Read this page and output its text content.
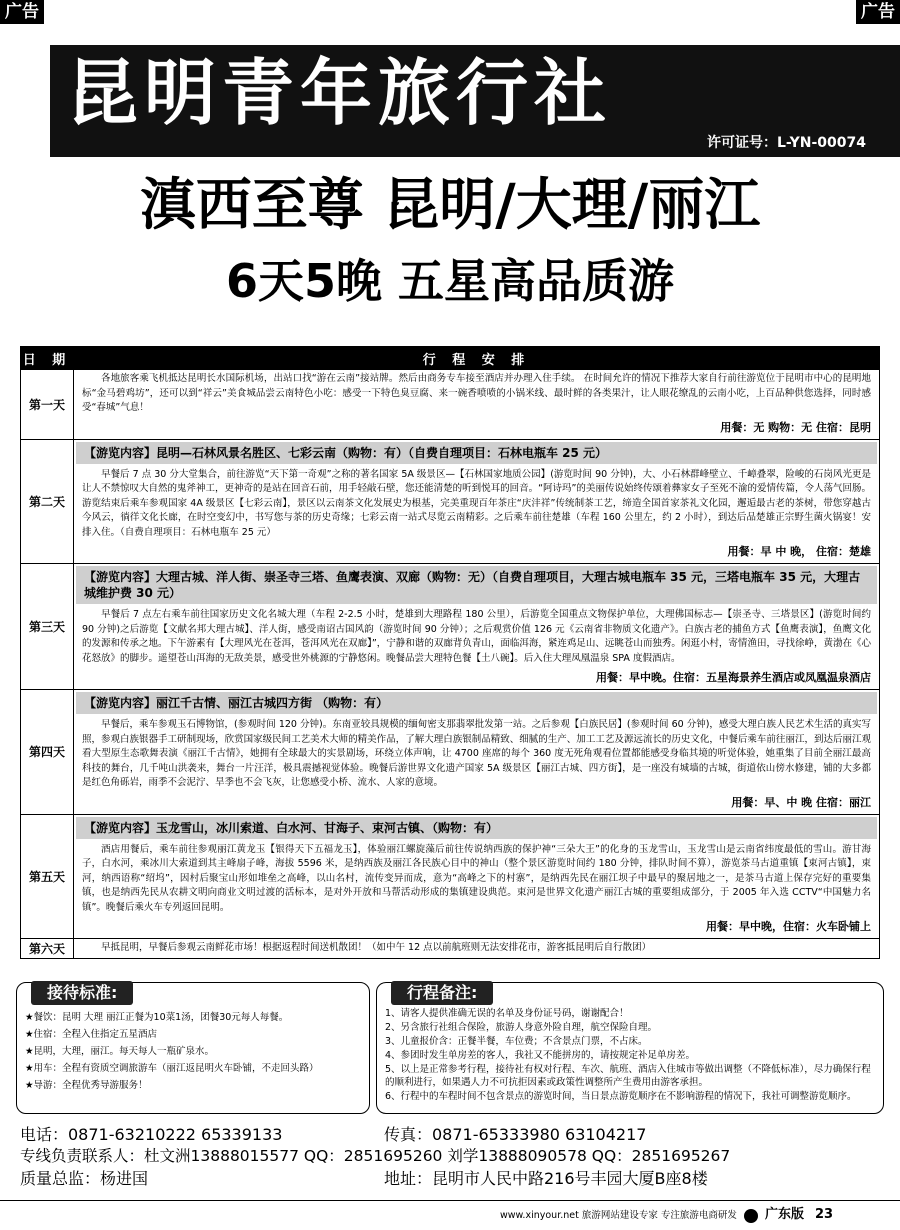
广告	广告
昆明青年旅行社
许可证号：L-YN-00074
滇西至尊 昆明/大理/丽江
6天5晚 五星高品质游
日 期	行 程 安 排
第一天	各地旅客乘飞机抵达昆明长水国际机场，出站口找“游在云南”接站牌。然后由商务专车接至酒店并办理入住手续。 在时间允许的情况下推荐大家自行前往游览位于昆明市中心的昆明地标“金马碧鸡坊”，还可以到“祥云”美食城品尝云南特色小吃：感受一下特色臭豆腐、来一碗香喷喷的小锅米线、最时鲜的各类果汁，让人眼花缭乱的云南小吃，上百品种供您选择，同时感受“春城”气息！
用餐：无 购物：无 住宿：昆明

第二天	【游览内容】昆明—石林风景名胜区、七彩云南（购物：有）（自费自理项目：石林电瓶车 25 元）
早餐后 7 点 30 分大堂集合，前往游览“天下第一奇观”之称的著名国家 5A 级景区—【石林国家地质公园】(游览时间 90 分钟)，大、小石林群峰壁立、千嶂叠翠，险峻的石岗风光更是让人不禁惊叹大自然的鬼斧神工，更神奇的是站在回音石前，用手轻敲石壁，您还能清楚的听到悦耳的回音。“阿诗玛”的美丽传说始终传颂着彝家女子至死不渝的爱情传篇，令人荡气回肠。游览结束后乘车参观国家 4A 级景区【七彩云南】，景区以云南茶文化发展史为根基，完美重现百年茶庄“庆沣祥”传统制茶工艺，缔造全国首家茶礼文化园，邂逅最古老的茶树，带您穿越古今风云，徜徉文化长廊，在时空变幻中，书写您与茶的历史奇缘；七彩云南一站式尽览云南精彩。之后乘车前往楚雄（车程 160 公里左，约 2 小时），到达后品楚雄正宗野生菌火锅宴！安排入住。（自费自理项目：石林电瓶车 25 元）
用餐：早 中 晚， 住宿：楚雄

第三天	【游览内容】大理古城、洋人街、崇圣寺三塔、鱼鹰表演、双廊（购物：无）（自费自理项目，大理古城电瓶车 35 元，三塔电瓶车 35 元，大理古城维护费 30 元）
早餐后 7 点左右乘车前往国家历史文化名城大理（车程 2-2.5 小时，楚雄到大理路程 180 公里），后游览全国重点文物保护单位，大理佛国标志—【崇圣寺、三塔景区】(游览时间约 90 分钟)之后游览【文献名邦大理古城】、洋人街，感受南诏古国风韵（游览时间 90 分钟）；之后观赏价值 126 元《云南省非物质文化遗产》。白族古老的捕鱼方式【鱼鹰表演】，鱼鹰文化的发源和传承之地。下午游素有【大理风光在苍洱，苍洱风光在双廊】”，宁静和谐的双廊背负青山，面临洱海，紧连鸡足山、远眺苍山而独秀。闲逛小村，寄情渔田，寻找徐峥，黄渤在《心花怒放》的脚步。遥望苍山洱海的无敌美景，感受世外桃源的宁静悠闲。晚餐品尝大理特色餐【土八碗】。后入住大理凤凰温泉 SPA 度假酒店。
用餐：早中晚。住宿：五星海景养生酒店或凤凰温泉酒店

第四天	【游览内容】丽江千古情、丽江古城四方街 （购物：有）
早餐后，乘车参观玉石博物馆，(参观时间 120 分钟)。东南亚较具规模的缅甸密支那翡翠批发第一站。之后参观【白族民居】(参观时间 60 分钟)，感受大理白族人民艺术生活的真实写照，参观白族银器手工研制现场，欣赏国家级民间工艺美术大师的精美作品，了解大理白族银制品精致、细腻的生产、加工工艺及源远流长的历史文化，中餐后乘车前往丽江，到达后丽江观看大型原生态歌舞表演《丽江千古情》，她拥有全球最大的实景剧场，环绕立体声响，让 4700 座席的每个 360 度无死角观看位置都能感受身临其境的听觉体验，她重集了目前全丽江最高科技的舞台，几千吨山洪袭来，舞台一片汪洋，极具震撼视觉体验。晚餐后游世界文化遗产国家 5A 级景区【丽江古城、四方街】，是一座没有城墙的古城，街道依山傍水修建，铺的大多都是红色角砾岩，雨季不会泥泞、旱季也不会飞灰，让您感受小桥、流水、人家的意境。
用餐：早、中 晚 住宿：丽江

第五天	【游览内容】玉龙雪山，冰川索道、白水河、甘海子、束河古镇、（购物：有）
酒店用餐后，乘车前往参观丽江黄龙玉【银得天下五福龙玉】，体验丽江螺旋藻后前往传说纳西族的保护神“三朵大王”的化身的玉龙雪山，玉龙雪山是云南省纬度最低的雪山。游甘海子，白水河，乘冰川大索道到其主峰扇子峰，海拔 5596 米，是纳西族及丽江各民族心目中的神山（整个景区游览时间约 180 分钟，排队时间不算），游览茶马古道重镇【束河古镇】，束河，纳西语称“绍坞”，因村后聚宝山形如堆垒之高峰，以山名村，流传变异而成，意为“高峰之下的村寨”，是纳西先民在丽江坝子中最早的聚居地之一，是茶马古道上保存完好的重要集镇，也是纳西先民从农耕文明向商业文明过渡的活标本，是对外开放和马帮活动形成的集镇建设典范。束河是世界文化遗产丽江古城的重要组成部分，于 2005 年入选 CCTV“中国魅力名镇”。晚餐后乘火车专列返回昆明。
用餐：早中晚，住宿：火车卧铺上

第六天	早抵昆明，早餐后参观云南鲜花市场！根据返程时间送机散团！（如中午 12 点以前航班则无法安排花市，游客抵昆明后自行散团）
接待标准:
★餐饮：昆明 大理 丽江正餐为10菜1汤，团餐30元每人每餐。
★住宿：全程入住指定五星酒店
★昆明，大理，丽江。每天每人一瓶矿泉水。
★用车：全程有资质空调旅游车（丽江返昆明火车卧铺，不走回头路）
★导游：全程优秀导游服务！
行程备注:
1、请客人提供准确无误的名单及身份证号码，谢谢配合！
2、另含旅行社组合保险，旅游人身意外险自理，航空保险自理。
3、儿童报价含：正餐半餐，车位费；不含景点门票，不占床。
4、参团时发生单房差的客人，我社又不能拼房的，请按规定补足单房差。
5、以上是正常参考行程，接待社有权对行程、车次、航班、酒店入住城市等做出调整（不降低标准），尽力确保行程的顺利进行，如果遇人力不可抗拒因素或政策性调整所产生费用由游客承担。
6、行程中的车程时间不包含景点的游览时间，当日景点游览顺序在不影响游程的情况下，我社可调整游览顺序。
电话：0871-63210222 65339133	传真：0871-65333980 63104217
专线负责联系人：杜文洲13888015577 QQ：2851695260 刘学13888090578 QQ：2851695267
质量总监：杨进国	地址：昆明市人民中路216号丰园大厦B座8楼
www.xinyour.net 旅游网站建设专家 专注旅游电商研发 广东版 23
